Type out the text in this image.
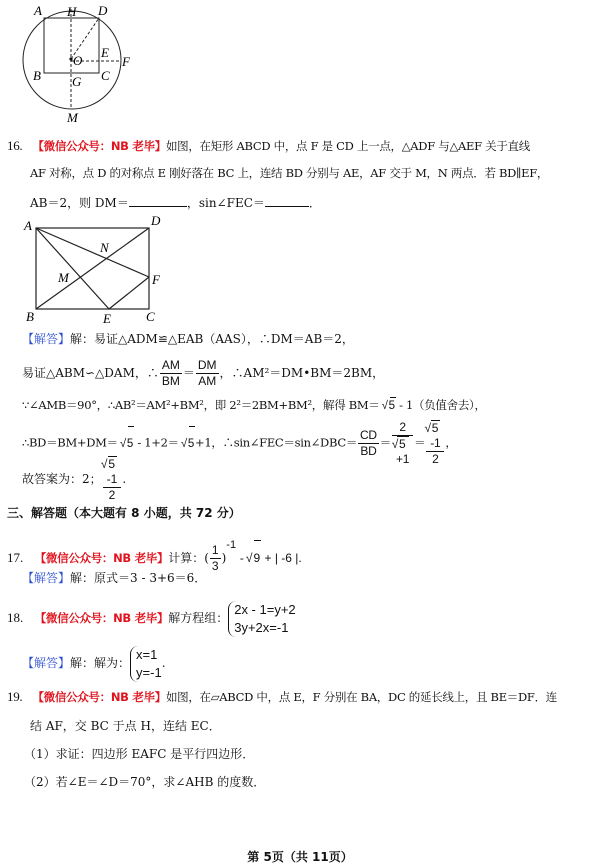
A H D
E
O	F
B G C
M
16. 【微信公众号：NB 老毕】如图，在矩形 ABCD 中，点 F 是 CD 上一点，△ADF 与△AEF 关于直线
AF 对称，点 D 的对称点 E 刚好落在 BC 上，连结 BD 分别与 AE，AF 交于 M，N 两点．若 BD∥EF，
AB＝2，则 DM＝	，sin∠FEC＝	．
A	D
N
M	F
B	E	C
【解答】解：易证△ADM≌△EAB（AAS），∴DM＝AB＝2，
易证△ABM∽△DAM，∴ $\frac{AM}{BM} = \frac{DM}{AM}$ ，∴AM²＝DM•BM＝2BM，
∵∠AMB＝90°，∴AB²＝AM²+BM²，即 2²＝2BM+BM²，解得 BM＝ √ 5 - 1（负值舍去），
∴BD＝BM+DM＝ √ 5 - 1+2＝ √ 5+1，∴sin∠FEC＝sin∠DBC＝ $\frac{CD}{BD} = 2$
√ 5
+1 ＝ √ 5
-1
2 ，
故答案为：2； √ 5
-1
2 .
三、解答题（本大题有 8 小题，共 72 分）
17. 【微信公众号：NB 老毕】计算：( $\frac{1}{3} )^{-1}$ - √ 9 + | -6 |.
【解答】解：原式＝3 - 3+6＝6．
18. 【微信公众号：NB 老毕】解方程组：
2x - 1=y+2
3y+2x=-1
【解答】解：解为：
x=1
y=-1
.
19. 【微信公众号：NB 老毕】如图，在▱ABCD 中，点 E，F 分别在 BA，DC 的延长线上，且 BE＝DF．连
结 AF，交 BC 于点 H，连结 EC．
（1）求证：四边形 EAFC 是平行四边形．
（2）若∠E＝∠D＝70°，求∠AHB 的度数．
第 5页（共 11页）
